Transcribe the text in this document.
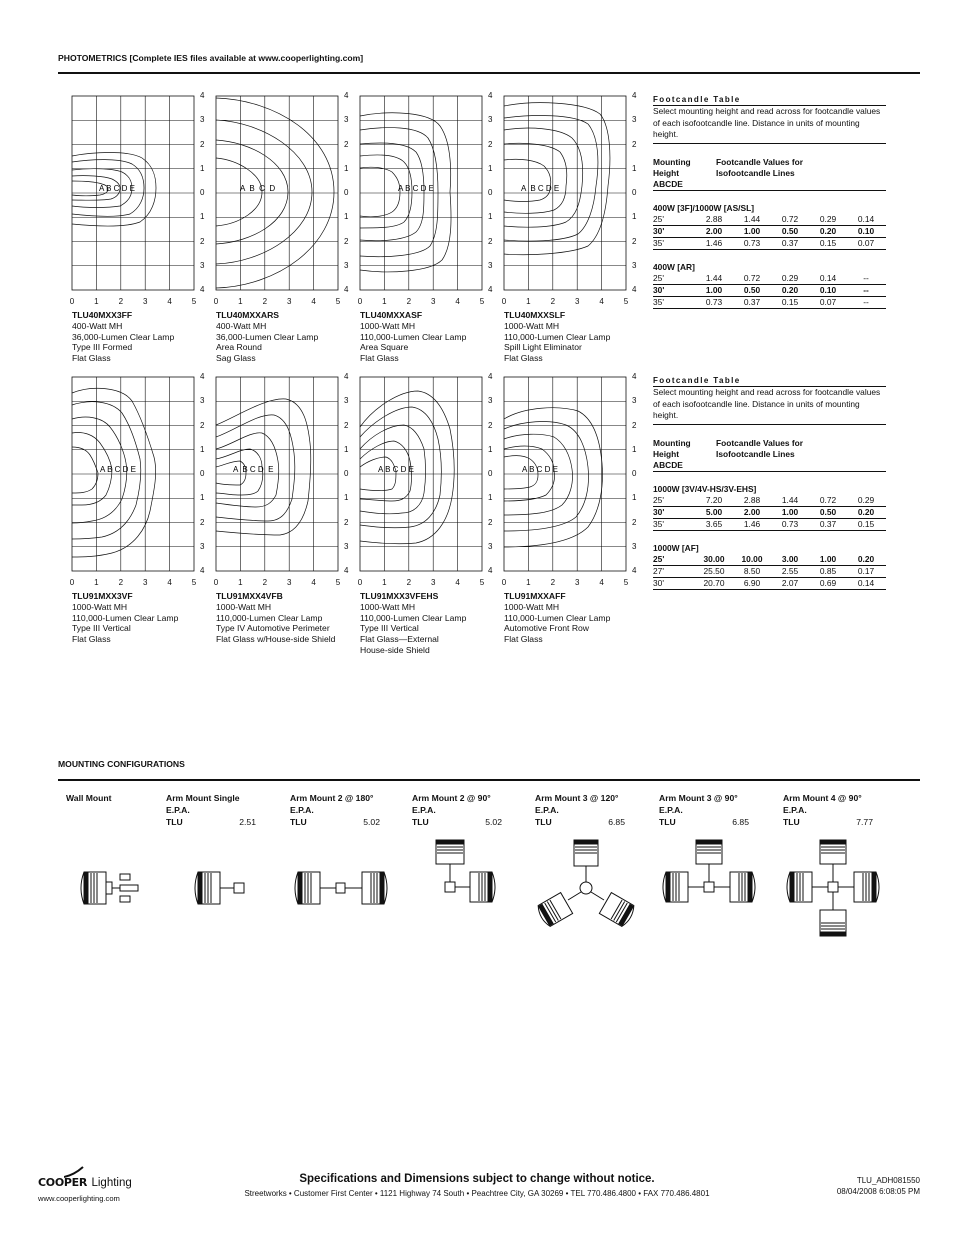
PHOTOMETRICS [Complete IES files available at www.cooperlighting.com]
A B C D E	A  B  C  D	A B C D E	A  B C D E
A B C D E	A  B C D  E	A B C D E	A B C D E
4
3
2
1
0
1
2
3
4
0	1	2	3	4	5
TLU40MXX3FF
400-Watt MH
36,000-Lumen Clear Lamp
Type III Formed
Flat Glass
4
3
2
1
0
1
2
3
4
0	1	2	3	4	5
TLU40MXXARS
400-Watt MH
36,000-Lumen Clear Lamp
Area Round
Sag Glass
4
3
2
1
0
1
2
3
4
0	1	2	3	4	5
TLU40MXXASF
1000-Watt MH
110,000-Lumen Clear Lamp
Area Square
Flat Glass
4
3
2
1
0
1
2
3
4
0	1	2	3	4	5
TLU40MXXSLF
1000-Watt MH
110,000-Lumen Clear Lamp
Spill Light Eliminator
Flat Glass
4
3
2
1
0
1
2
3
4
0	1	2	3	4	5
TLU91MXX3VF
1000-Watt MH
110,000-Lumen Clear Lamp
Type III Vertical
Flat Glass
4
3
2
1
0
1
2
3
4
0	1	2	3	4	5
TLU91MXX4VFB
1000-Watt MH
110,000-Lumen Clear Lamp
Type IV Automotive Perimeter
Flat Glass w/House-side Shield
4
3
2
1
0
1
2
3
4
0	1	2	3	4	5
TLU91MXX3VFEHS
1000-Watt MH
110,000-Lumen Clear Lamp
Type III Vertical
Flat Glass—External
House-side Shield
4
3
2
1
0
1
2
3
4
0	1	2	3	4	5
TLU91MXXAFF
1000-Watt MH
110,000-Lumen Clear Lamp
Automotive Front Row
Flat Glass
Footcandle Table
Select mounting height and read across for footcandle values of each isofootcandle line. Distance in units of mounting height.
Mounting Height
Footcandle Values for Isofootcandle Lines
A B C D E
400W [3F]/1000W [AS/SL]
25'	2.88	1.44	0.72	0.29	0.14
30'	2.00	1.00	0.50	0.20	0.10
35'	1.46	0.73	0.37	0.15	0.07
400W [AR]
25'	1.44	0.72	0.29	0.14	--
30'	1.00	0.50	0.20	0.10	--
35'	0.73	0.37	0.15	0.07	--
Footcandle Table
Select mounting height and read across for footcandle values of each isofootcandle line. Distance in units of mounting height.
Mounting Height
Footcandle Values for Isofootcandle Lines
A B C D E
1000W [3V/4V-HS/3V-EHS]
25'	7.20	2.88	1.44	0.72	0.29
30'	5.00	2.00	1.00	0.50	0.20
35'	3.65	1.46	0.73	0.37	0.15
1000W [AF]
25'	30.00	10.00	3.00	1.00	0.20
27'	25.50	8.50	2.55	0.85	0.17
30'	20.70	6.90	2.07	0.69	0.14
MOUNTING CONFIGURATIONS
Wall Mount	Arm Mount Single
E.P.A.
TLU	2.51
Arm Mount 2 @ 180°
E.P.A.
TLU	5.02
Arm Mount 2 @ 90°
E.P.A.
TLU	5.02
Arm Mount 3 @ 120°
E.P.A.
TLU	6.85
Arm Mount 3 @ 90°
E.P.A.
TLU	6.85
Arm Mount 4 @ 90°
E.P.A.
TLU	7.77
COOPER Lighting
www.cooperlighting.com
Specifications and Dimensions subject to change without notice.
Streetworks • Customer First Center • 1121 Highway 74 South • Peachtree City, GA 30269 • TEL 770.486.4800 • FAX 770.486.4801
TLU_ADH081550
08/04/2008 6:08:05 PM
